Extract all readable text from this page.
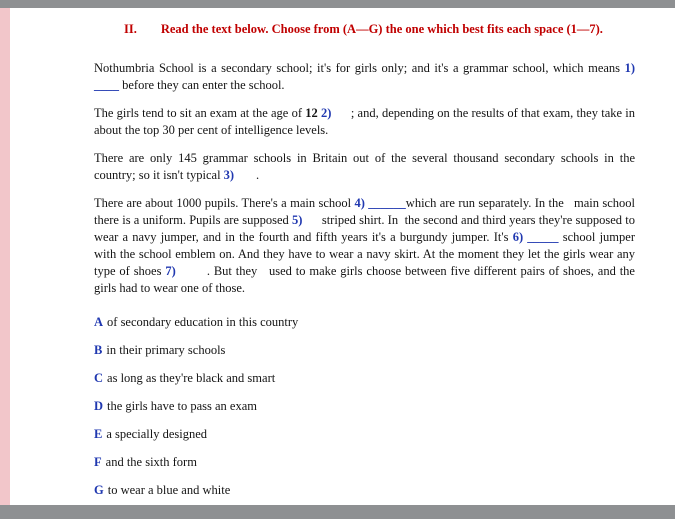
II. Read the text below. Choose from (A—G) the one which best fits each space (1—7).

Nothumbria School is a secondary school; it's for girls only; and it's a grammar school, which means 1) ____ before they can enter the school.

The girls tend to sit an exam at the age of 12 2)      ; and, depending on the results of that exam, they take in about the top 30 per cent of intelligence levels.

There are only 145 grammar schools in Britain out of the several thousand secondary schools in the country; so it isn't typical 3)       .

There are about 1000 pupils. There's a main school 4) ______which are run separately. In the   main school there is a uniform. Pupils are supposed 5)      striped shirt. In  the second and third years they're supposed to wear a navy jumper, and in the fourth and fifth years it's a burgundy jumper. It's 6) _____ school jumper with the school emblem on. And they have to wear a navy skirt. At the moment they let the girls wear any type of shoes 7)        . But they   used to make girls choose between five different pairs of shoes, and the girls had to wear one of those.

A of secondary education in this country
B in their primary schools
C as long as they're black and smart
D the girls have to pass an exam
E a specially designed
F and the sixth form
G to wear a blue and white
